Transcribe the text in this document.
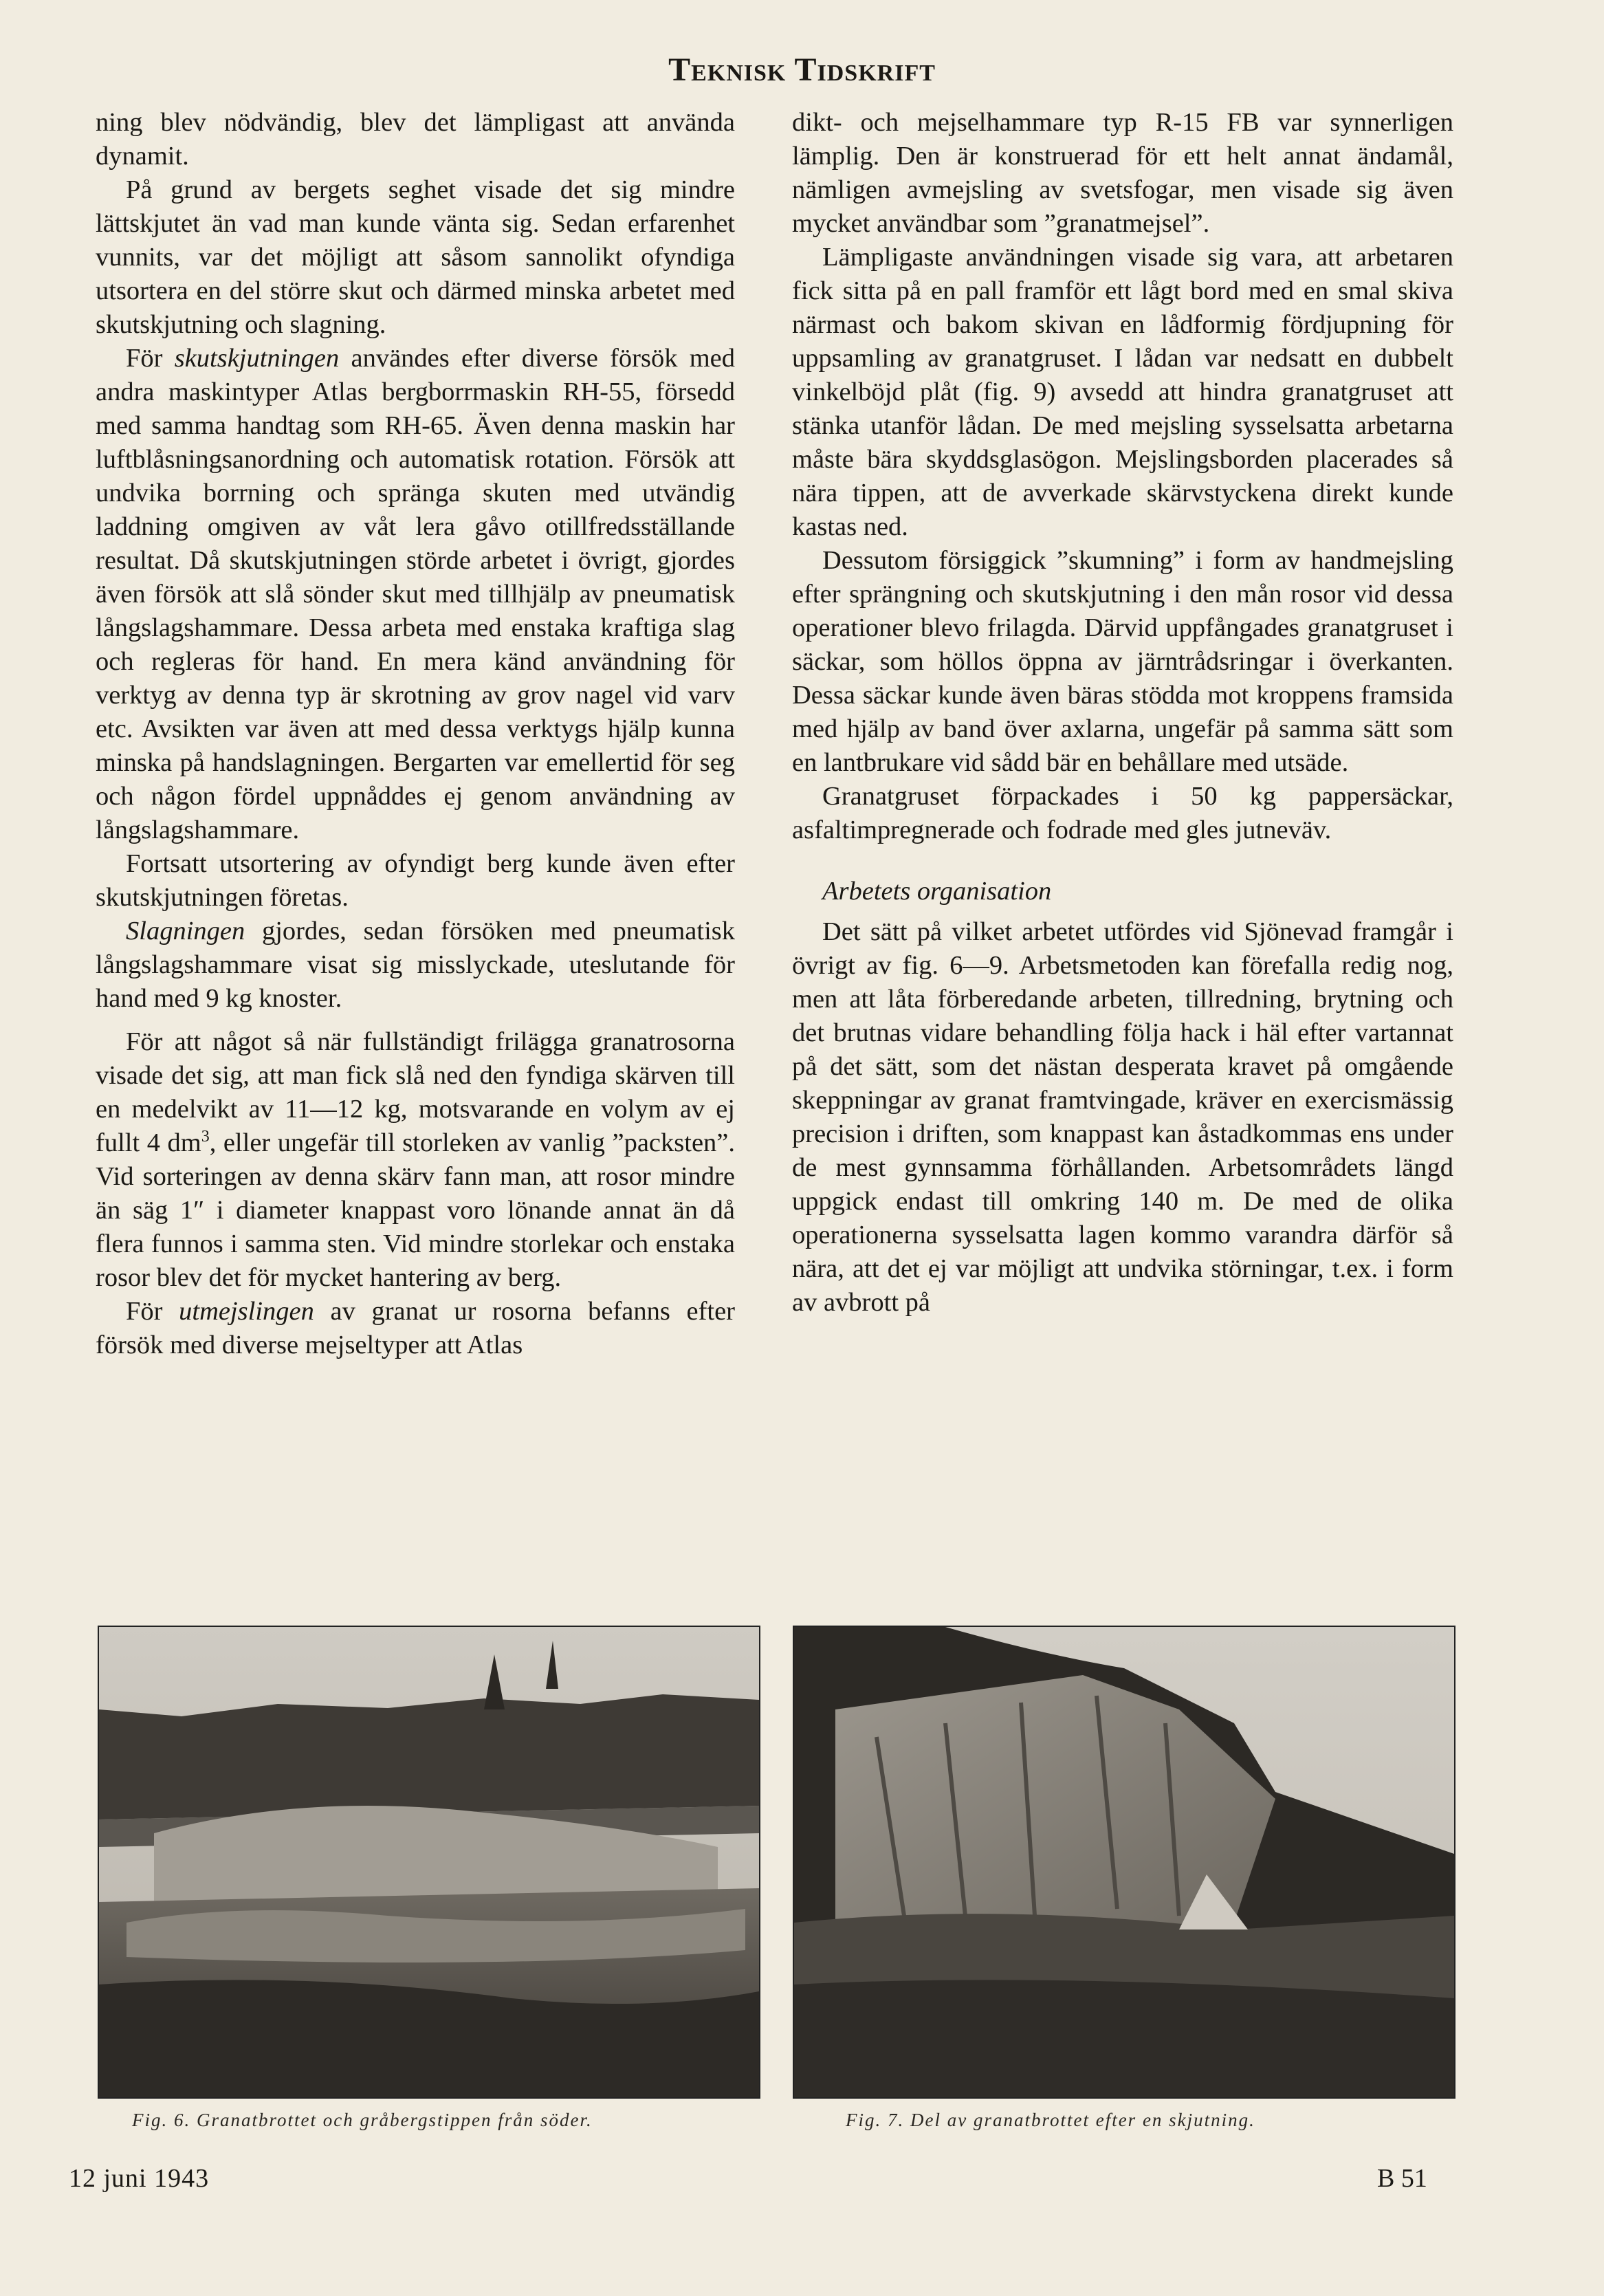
Teknisk Tidskrift

ning blev nödvändig, blev det lämpligast att använda dynamit.

På grund av bergets seghet visade det sig mindre lättskjutet än vad man kunde vänta sig. Sedan erfarenhet vunnits, var det möjligt att såsom sannolikt ofyndiga utsortera en del större skut och därmed minska arbetet med skutskjutning och slagning.

För skutskjutningen användes efter diverse försök med andra maskintyper Atlas bergborrmaskin RH-55, försedd med samma handtag som RH-65. Även denna maskin har luftblåsningsanordning och automatisk rotation. Försök att undvika borrning och spränga skuten med utvändig laddning omgiven av våt lera gåvo otillfredsställande resultat. Då skutskjutningen störde arbetet i övrigt, gjordes även försök att slå sönder skut med tillhjälp av pneumatisk långslagshammare. Dessa arbeta med enstaka kraftiga slag och regleras för hand. En mera känd användning för verktyg av denna typ är skrotning av grov nagel vid varv etc. Avsikten var även att med dessa verktygs hjälp kunna minska på handslagningen. Bergarten var emellertid för seg och någon fördel uppnåddes ej genom användning av långslagshammare.

Fortsatt utsortering av ofyndigt berg kunde även efter skutskjutningen företas.

Slagningen gjordes, sedan försöken med pneumatisk långslagshammare visat sig misslyckade, uteslutande för hand med 9 kg knoster.

För att något så när fullständigt frilägga granatrosorna visade det sig, att man fick slå ned den fyndiga skärven till en medelvikt av 11—12 kg, motsvarande en volym av ej fullt 4 $dm^3$, eller ungefär till storleken av vanlig ”packsten”. Vid sorteringen av denna skärv fann man, att rosor mindre än säg 1″ i diameter knappast voro lönande annat än då flera funnos i samma sten. Vid mindre storlekar och enstaka rosor blev det för mycket hantering av berg.

För utmejslingen av granat ur rosorna befanns efter försök med diverse mejseltyper att Atlas

dikt- och mejselhammare typ R-15 FB var synnerligen lämplig. Den är konstruerad för ett helt annat ändamål, nämligen avmejsling av svetsfogar, men visade sig även mycket användbar som ”granatmejsel”.

Lämpligaste användningen visade sig vara, att arbetaren fick sitta på en pall framför ett lågt bord med en smal skiva närmast och bakom skivan en lådformig fördjupning för uppsamling av granatgruset. I lådan var nedsatt en dubbelt vinkelböjd plåt (fig. 9) avsedd att hindra granatgruset att stänka utanför lådan. De med mejsling sysselsatta arbetarna måste bära skyddsglasögon. Mejslingsborden placerades så nära tippen, att de avverkade skärvstyckena direkt kunde kastas ned.

Dessutom försiggick ”skumning” i form av handmejsling efter sprängning och skutskjutning i den mån rosor vid dessa operationer blevo frilagda. Därvid uppfångades granatgruset i säckar, som höllos öppna av järntrådsringar i överkanten. Dessa säckar kunde även bäras stödda mot kroppens framsida med hjälp av band över axlarna, ungefär på samma sätt som en lantbrukare vid sådd bär en behållare med utsäde.

Granatgruset förpackades i 50 kg pappersäckar, asfaltimpregnerade och fodrade med gles jutneväv.

Arbetets organisation

Det sätt på vilket arbetet utfördes vid Sjönevad framgår i övrigt av fig. 6—9. Arbetsmetoden kan förefalla redig nog, men att låta förberedande arbeten, tillredning, brytning och det brutnas vidare behandling följa hack i häl efter vartannat på det sätt, som det nästan desperata kravet på omgående skeppningar av granat framtvingade, kräver en exercismässig precision i driften, som knappast kan åstadkommas ens under de mest gynnsamma förhållanden. Arbetsområdets längd uppgick endast till omkring 140 m. De med de olika operationerna sysselsatta lagen kommo varandra därför så nära, att det ej var möjligt att undvika störningar, t.ex. i form av avbrott på

Fig. 6. Granatbrottet och gråbergstippen från söder.	Fig. 7. Del av granatbrottet efter en skjutning.
12 juni 1943	B 51
